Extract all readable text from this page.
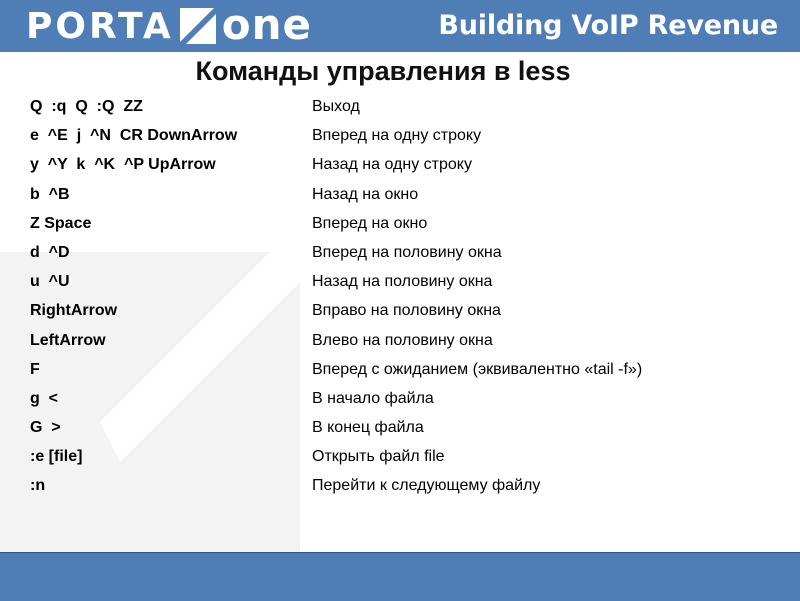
PORTA one	Building VoIP Revenue
Команды управления в less
Q  :q  Q  :Q  ZZ	Выход
e  ^E  j  ^N  CR DownArrow	Вперед на одну строку
y  ^Y  k  ^K  ^P UpArrow	Назад на одну строку
b  ^B	Назад на окно
Z Space	Вперед на окно
d  ^D	Вперед на половину окна
u  ^U	Назад на половину окна
RightArrow	Вправо на половину окна
LeftArrow	Влево на половину окна
F	Вперед с ожиданием (эквивалентно «tail -f»)
g  <	В начало файла
G  >	В конец файла
:e [file]	Открыть файл file
:n	Перейти к следующему файлу
